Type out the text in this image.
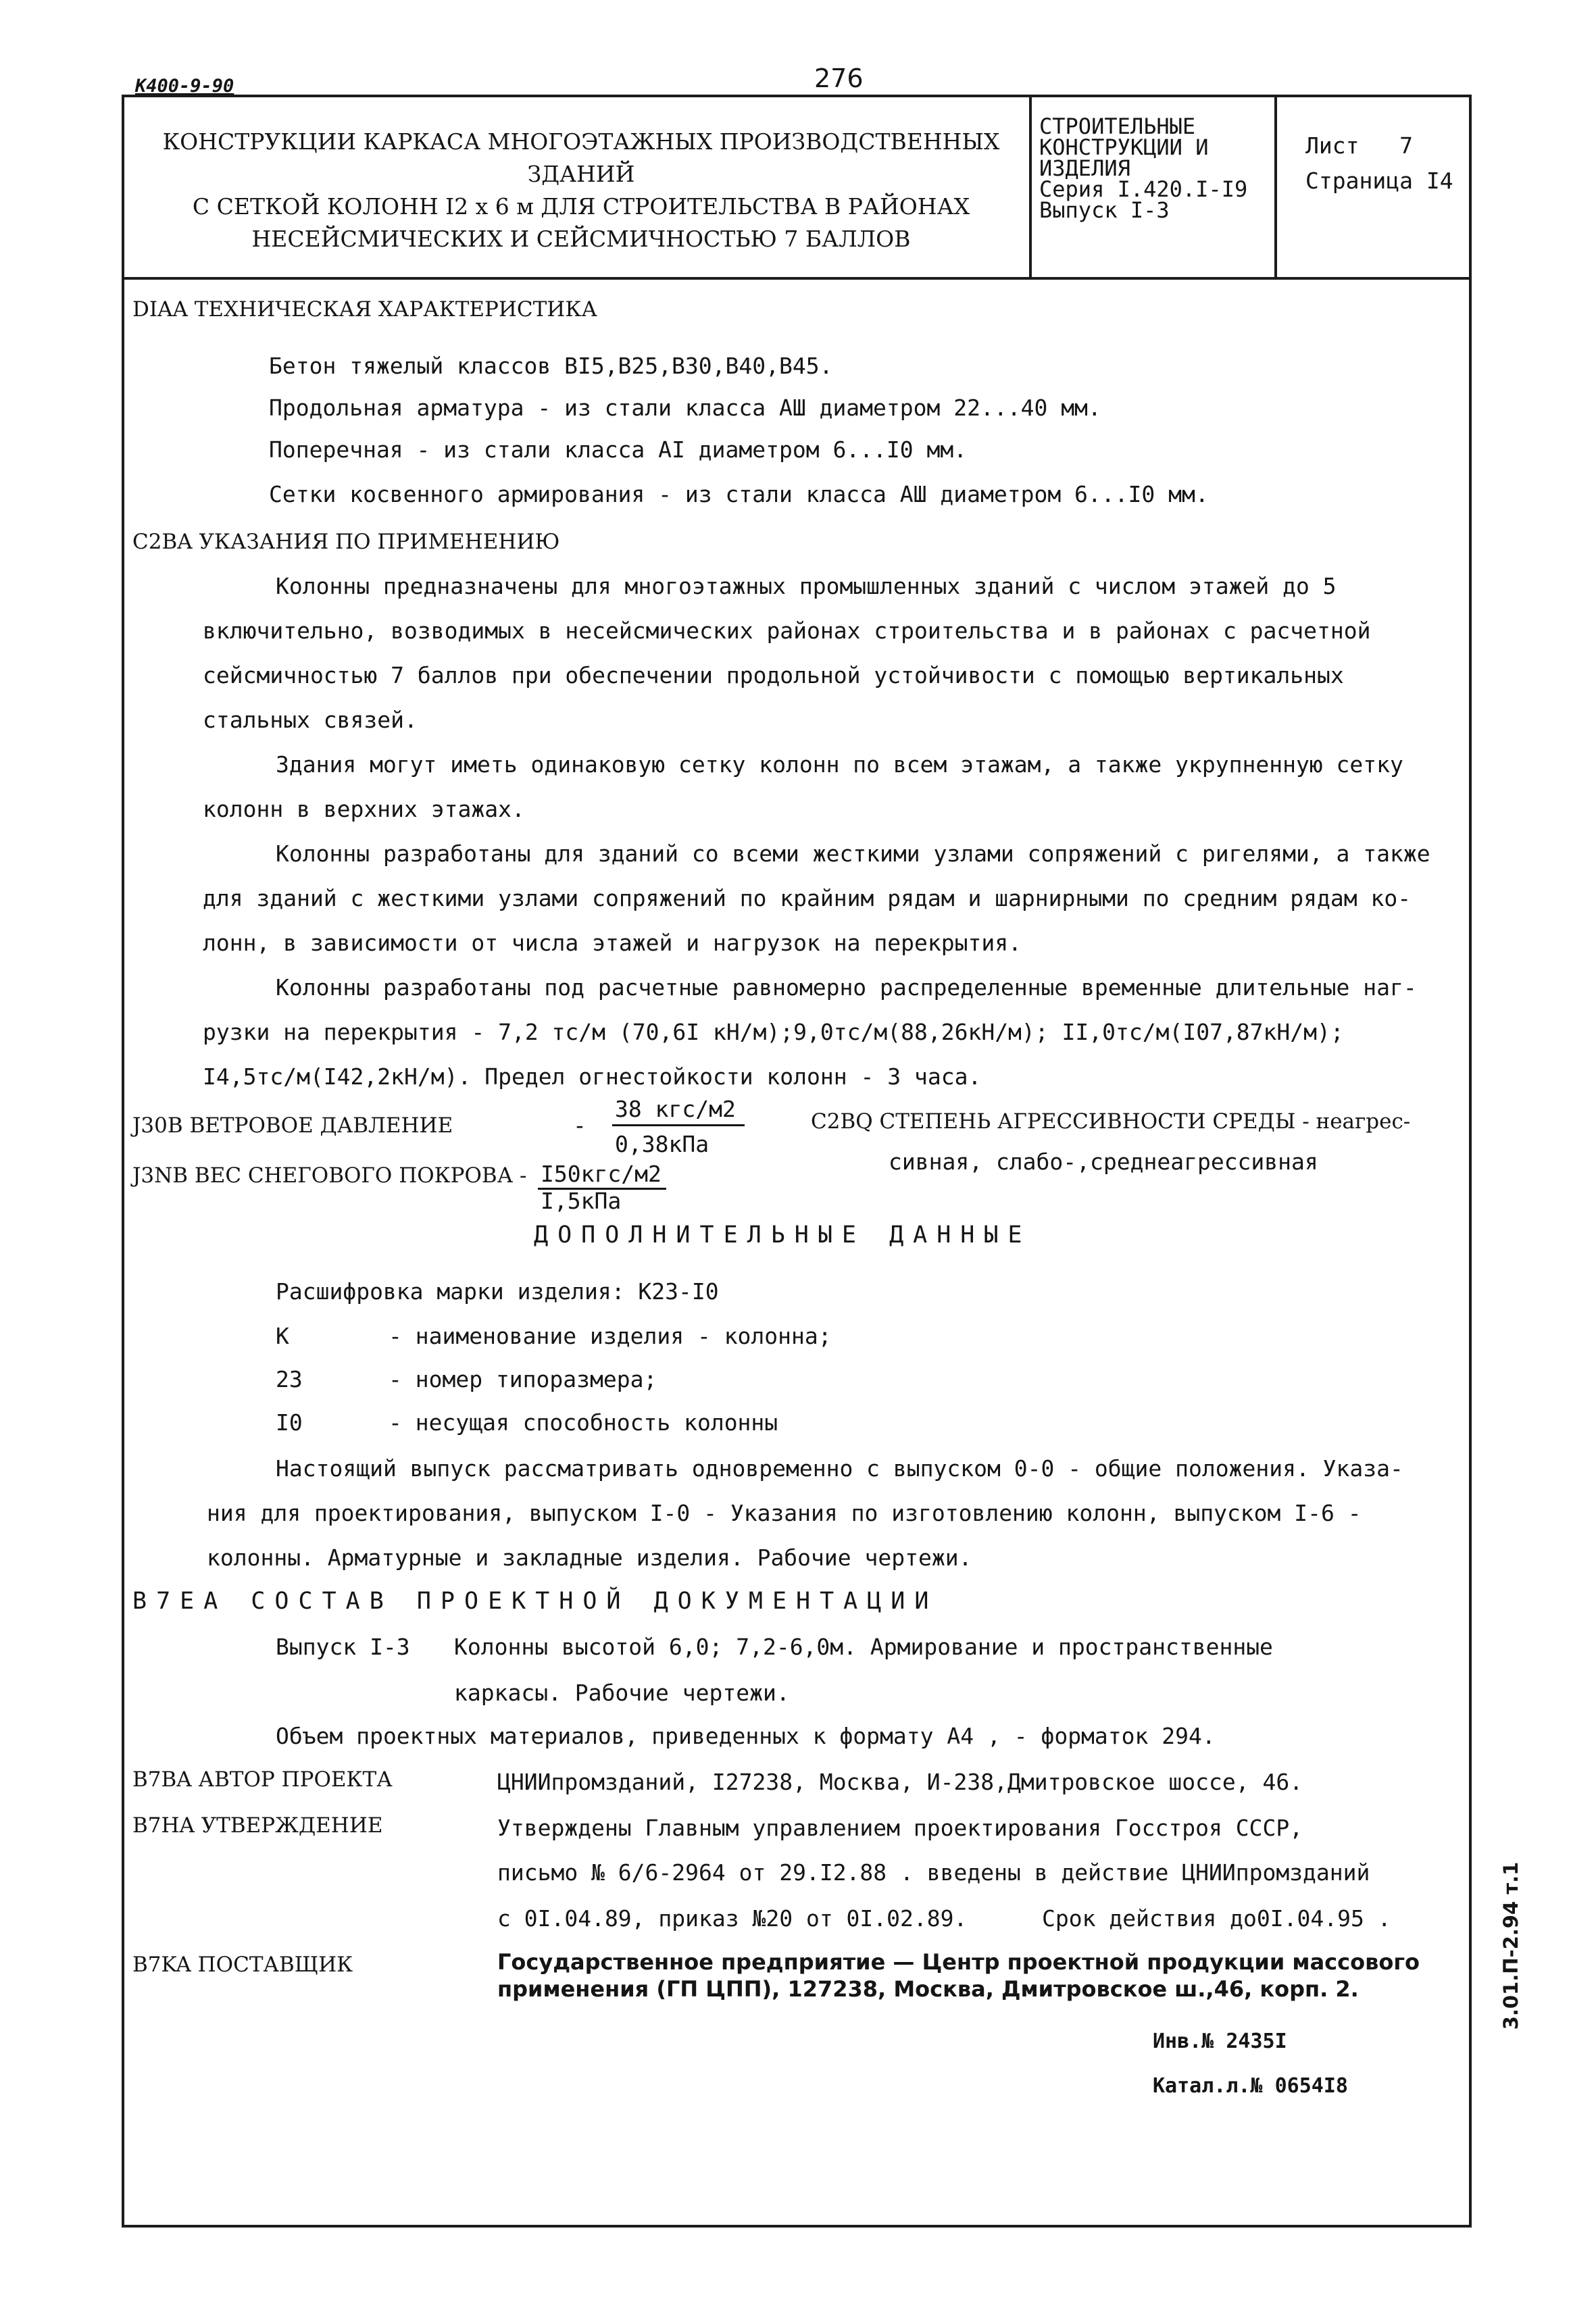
K400-9-90	276
КОНСТРУКЦИИ КАРКАСА МНОГОЭТАЖНЫХ ПРОИЗВОДСТВЕННЫХ ЗДАНИЙ
С СЕТКОЙ КОЛОНН I2 х 6 м ДЛЯ СТРОИТЕЛЬСТВА В РАЙОНАХ
НЕСЕЙСМИЧЕСКИХ И СЕЙСМИЧНОСТЬЮ 7 БАЛЛОВ
СТРОИТЕЛЬНЫЕ
КОНСТРУКЦИИ И
ИЗДЕЛИЯ
Серия I.420.I-I9
Выпуск I-3
Лист 7
Страница I4
DIAA ТЕХНИЧЕСКАЯ ХАРАКТЕРИСТИКА
Бетон тяжелый классов BI5,B25,B30,B40,B45.
Продольная арматура - из стали класса AШ диаметром 22...40 мм.
Поперечная - из стали класса AI диаметром 6...I0 мм.
Сетки косвенного армирования - из стали класса AШ диаметром 6...I0 мм.
C2BA УКАЗАНИЯ ПО ПРИМЕНЕНИЮ
Колонны предназначены для многоэтажных промышленных зданий с числом этажей до 5
включительно, возводимых в несейсмических районах строительства и в районах с расчетной
сейсмичностью 7 баллов при обеспечении продольной устойчивости с помощью вертикальных
стальных связей.
Здания могут иметь одинаковую сетку колонн по всем этажам, а также укрупненную сетку
колонн в верхних этажах.
Колонны разработаны для зданий со всеми жесткими узлами сопряжений с ригелями, а также
для зданий с жесткими узлами сопряжений по крайним рядам и шарнирными по средним рядам ко-
лонн, в зависимости от числа этажей и нагрузок на перекрытия.
Колонны разработаны под расчетные равномерно распределенные временные длительные наг-
рузки на перекрытия - 7,2 тс/м (70,6I кН/м);9,0тс/м(88,26кН/м); II,0тс/м(I07,87кН/м);
I4,5тс/м(I42,2кН/м). Предел огнестойкости колонн - 3 часа.
J30B ВЕТРОВОЕ ДАВЛЕНИЕ	-
38 кгс/м2
0,38кПа
C2BQ СТЕПЕНЬ АГРЕССИВНОСТИ СРЕДЫ - неагрес-
сивная, слабо-,среднеагрессивная
J3NB ВЕС СНЕГОВОГО ПОКРОВА - I50кгс/м2
I,5кПа
ДОПОЛНИТЕЛЬНЫЕ ДАННЫЕ
Расшифровка марки изделия: K23-I0
K	- наименование изделия - колонна;
23	- номер типоразмера;
I0	- несущая способность колонны
Настоящий выпуск рассматривать одновременно с выпуском 0-0 - общие положения. Указа-
ния для проектирования, выпуском I-0 - Указания по изготовлению колонн, выпуском I-6 -
колонны. Арматурные и закладные изделия. Рабочие чертежи.
B7EA СОСТАВ ПРОЕКТНОЙ ДОКУМЕНТАЦИИ
Выпуск I-3 Колонны высотой 6,0; 7,2-6,0м. Армирование и пространственные
каркасы. Рабочие чертежи.
Объем проектных материалов, приведенных к формату А4 , - форматок 294.
B7BA АВТОР ПРОЕКТА	ЦНИИпромзданий, I27238, Москва, И-238,Дмитровское шоссе, 46.
B7HA УТВЕРЖДЕНИЕ	Утверждены Главным управлением проектирования Госстроя СССР,
письмо № 6/6-2964 от 29.I2.88 . введены в действие ЦНИИпромзданий
с 0I.04.89, приказ №20 от 0I.02.89.	Срок действия до0I.04.95 .
B7KA ПОСТАВЩИК	Государственное предприятие — Центр проектной продукции массового
применения (ГП ЦПП), 127238, Москва, Дмитровское ш.,46, корп. 2.
Инв.№ 2435I
Катал.л.№ 0654I8
3.01.П-2.94 т.1
